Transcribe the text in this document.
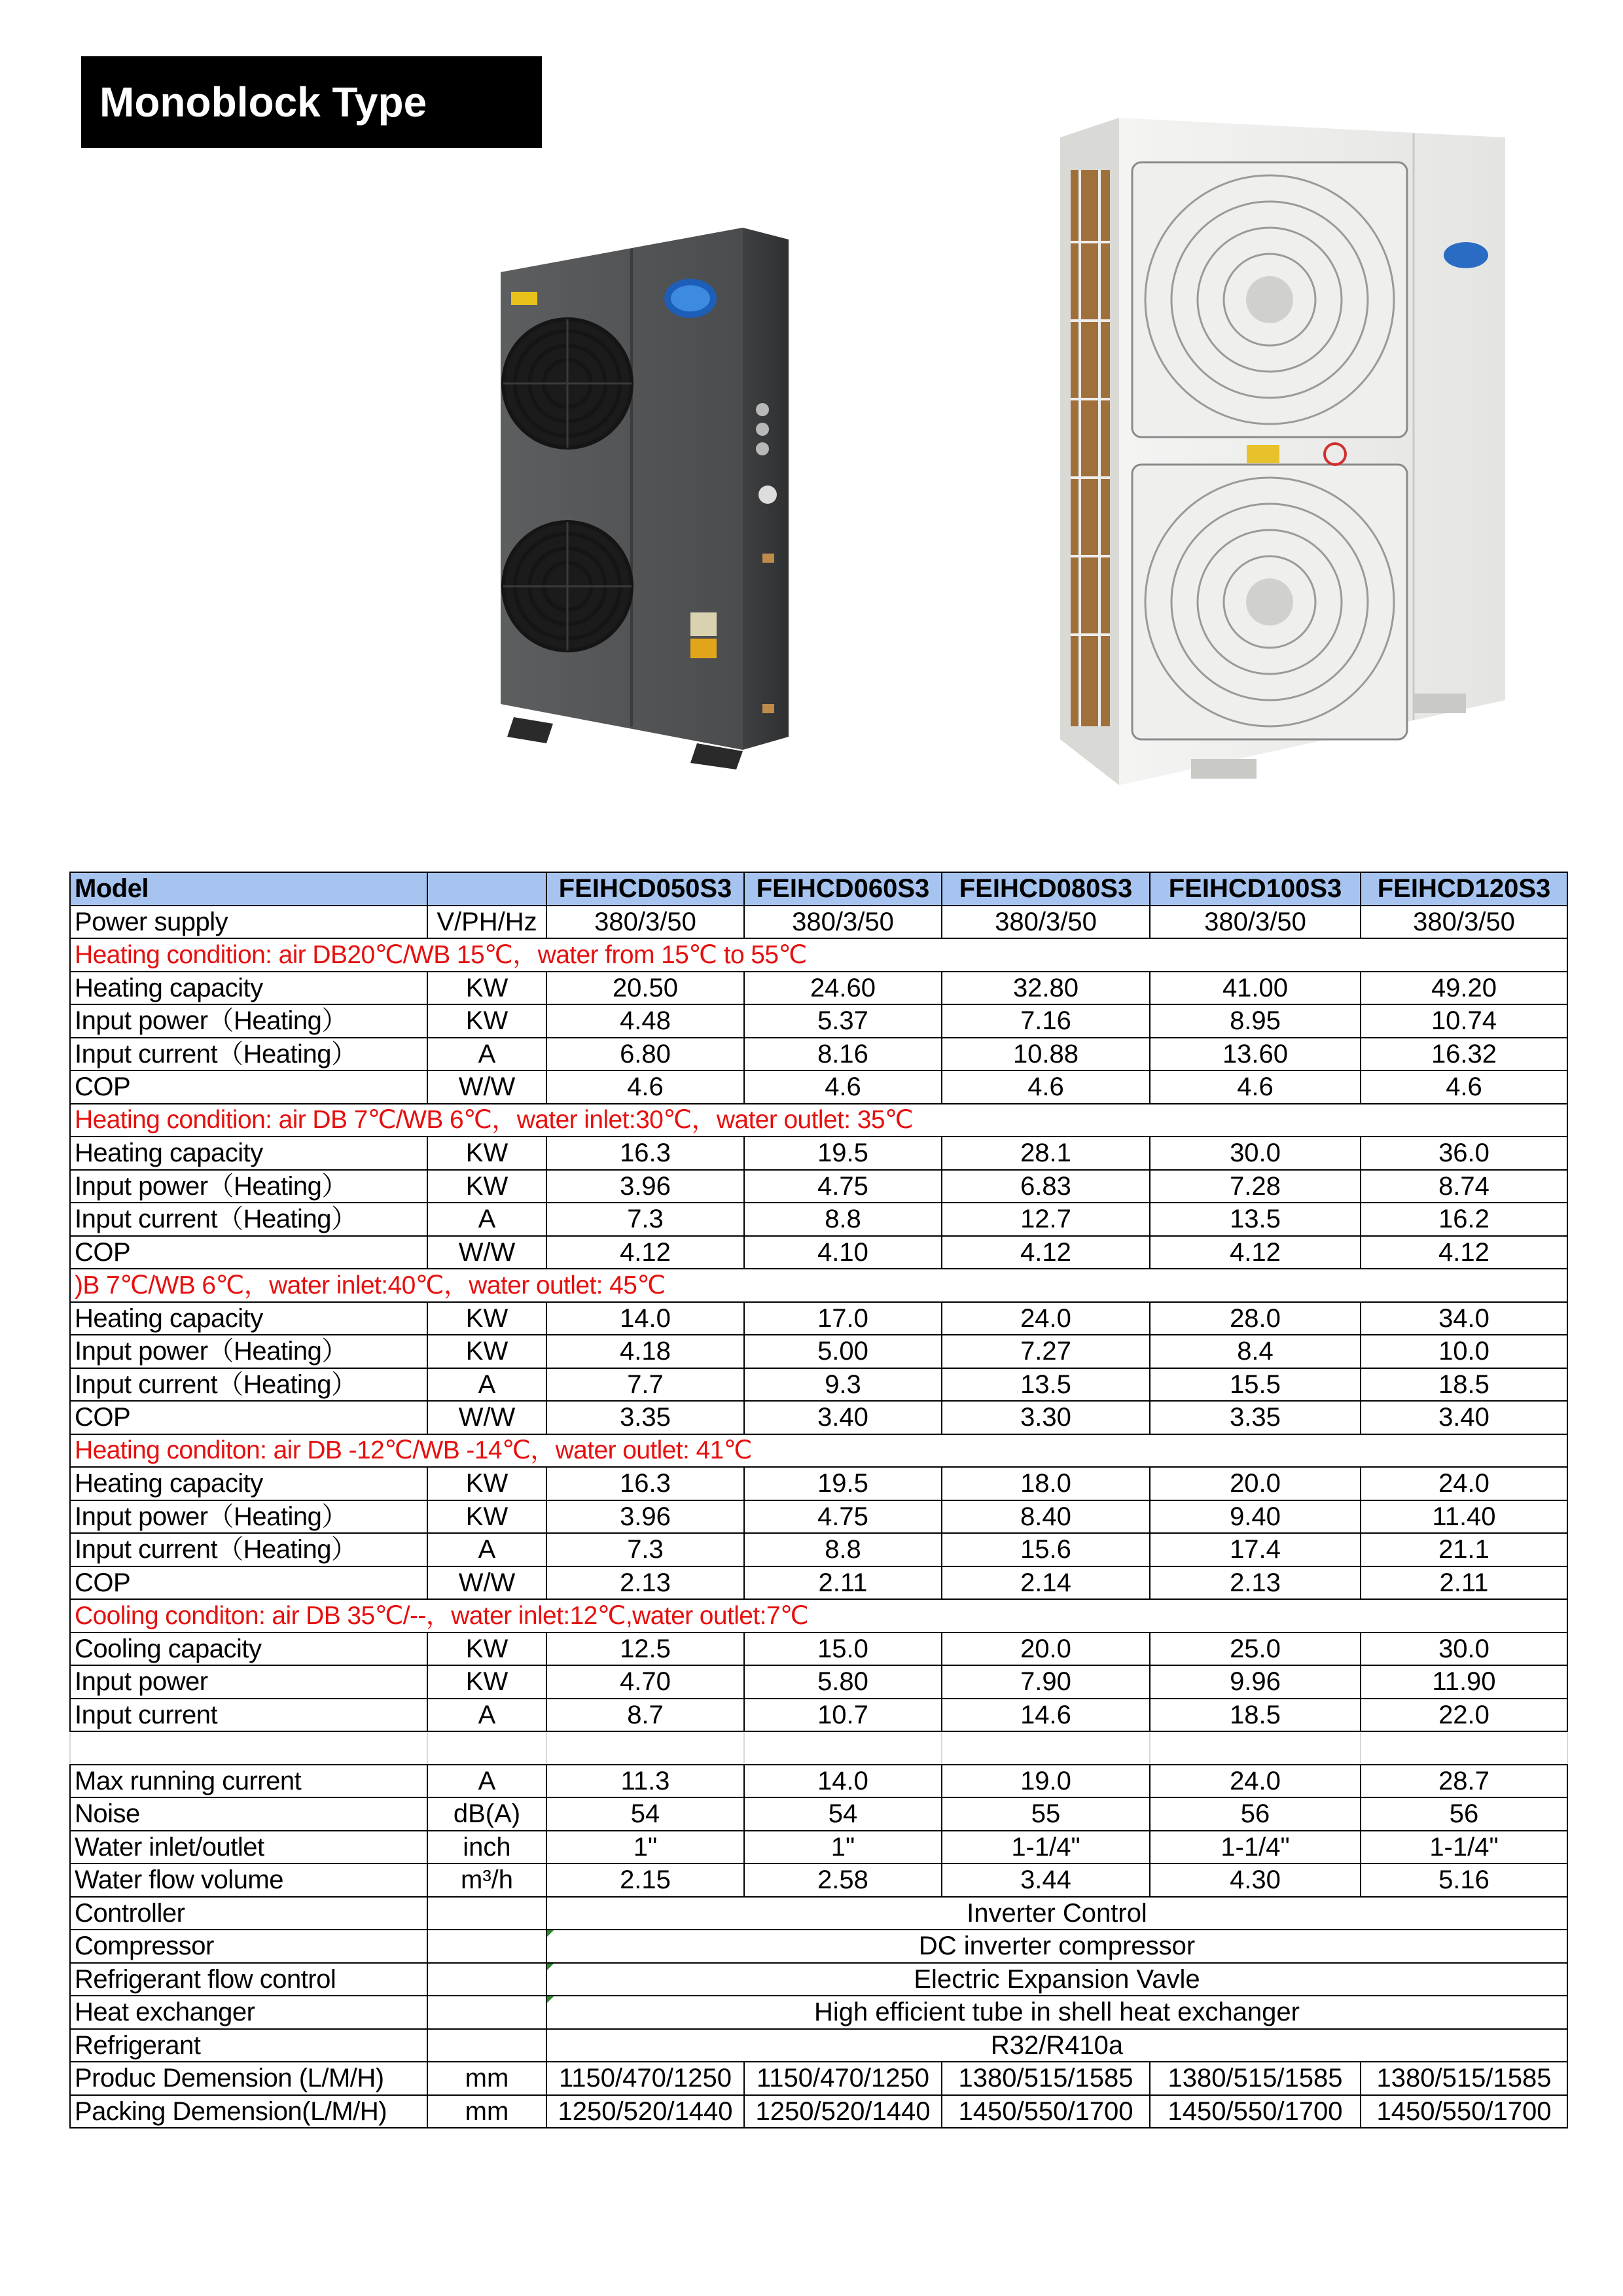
Monoblock Type
Model		FEIHCD050S3	FEIHCD060S3	FEIHCD080S3	FEIHCD100S3	FEIHCD120S3
Power supply	V/PH/Hz	380/3/50	380/3/50	380/3/50	380/3/50	380/3/50
Heating condition: air DB20℃/WB 15℃，water from 15℃ to 55℃						
Heating capacity	KW	20.50	24.60	32.80	41.00	49.20
Input power（Heating）	KW	4.48	5.37	7.16	8.95	10.74
Input current（Heating）	A	6.80	8.16	10.88	13.60	16.32
COP	W/W	4.6	4.6	4.6	4.6	4.6
Heating condition: air DB 7℃/WB 6℃，water inlet:30℃，water outlet: 35℃						
Heating capacity	KW	16.3	19.5	28.1	30.0	36.0
Input power（Heating）	KW	3.96	4.75	6.83	7.28	8.74
Input current（Heating）	A	7.3	8.8	12.7	13.5	16.2
COP	W/W	4.12	4.10	4.12	4.12	4.12
)B 7℃/WB 6℃，water inlet:40℃，water outlet: 45℃						
Heating capacity	KW	14.0	17.0	24.0	28.0	34.0
Input power（Heating）	KW	4.18	5.00	7.27	8.4	10.0
Input current（Heating）	A	7.7	9.3	13.5	15.5	18.5
COP	W/W	3.35	3.40	3.30	3.35	3.40
Heating conditon: air DB -12℃/WB -14℃，water outlet: 41℃						
Heating capacity	KW	16.3	19.5	18.0	20.0	24.0
Input power（Heating）	KW	3.96	4.75	8.40	9.40	11.40
Input current（Heating）	A	7.3	8.8	15.6	17.4	21.1
COP	W/W	2.13	2.11	2.14	2.13	2.11
Cooling conditon: air DB 35℃/--，water inlet:12℃,water outlet:7℃						
Cooling capacity	KW	12.5	15.0	20.0	25.0	30.0
Input power	KW	4.70	5.80	7.90	9.96	11.90
Input current	A	8.7	10.7	14.6	18.5	22.0

Max running current	A	11.3	14.0	19.0	24.0	28.7
Noise	dB(A)	54	54	55	56	56
Water inlet/outlet	inch	1"	1"	1-1/4"	1-1/4"	1-1/4"
Water flow volume	m³/h	2.15	2.58	3.44	4.30	5.16
Controller		Inverter Control				
Compressor		DC inverter compressor				

Refrigerant flow control		Electric Expansion Vavle				

Heat exchanger		High efficient tube in shell heat exchanger				

Refrigerant		R32/R410a				
Produc Demension (L/M/H)	mm	1150/470/1250	1150/470/1250	1380/515/1585	1380/515/1585	1380/515/1585
Packing Demension(L/M/H)	mm	1250/520/1440	1250/520/1440	1450/550/1700	1450/550/1700	1450/550/1700
